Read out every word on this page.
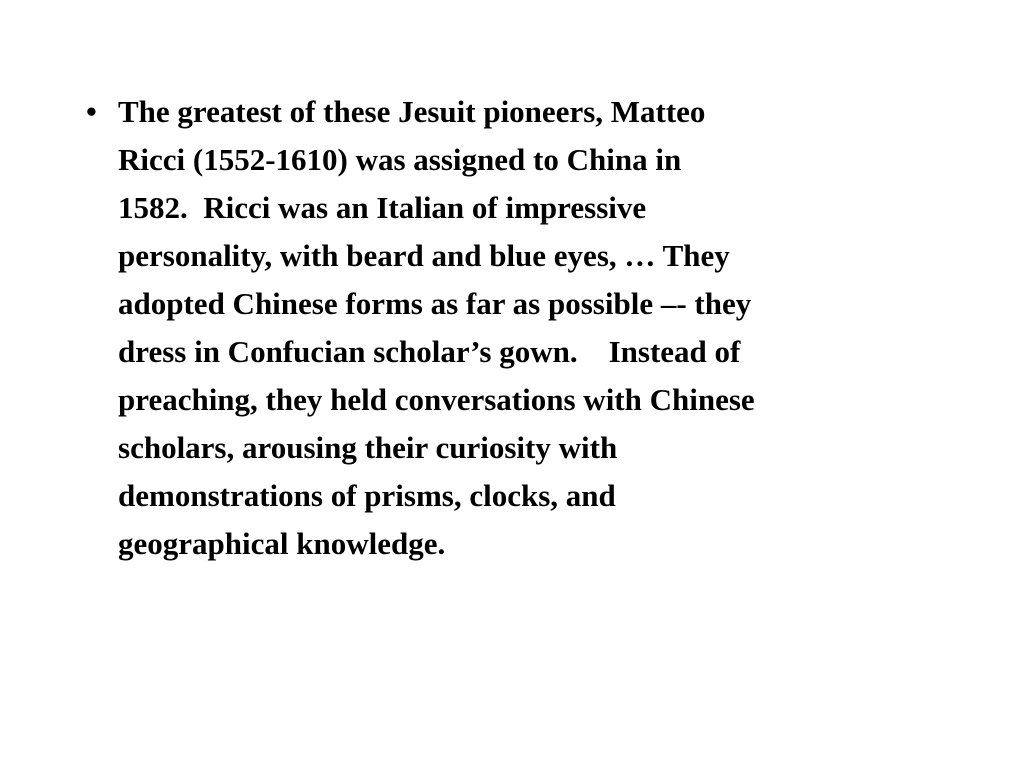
• The greatest of these Jesuit pioneers, Matteo
Ricci (1552-1610) was assigned to China in
1582.  Ricci was an Italian of impressive
personality, with beard and blue eyes, … They
adopted Chinese forms as far as possible –- they
dress in Confucian scholar’s gown.    Instead of
preaching, they held conversations with Chinese
scholars, arousing their curiosity with
demonstrations of prisms, clocks, and
geographical knowledge.
